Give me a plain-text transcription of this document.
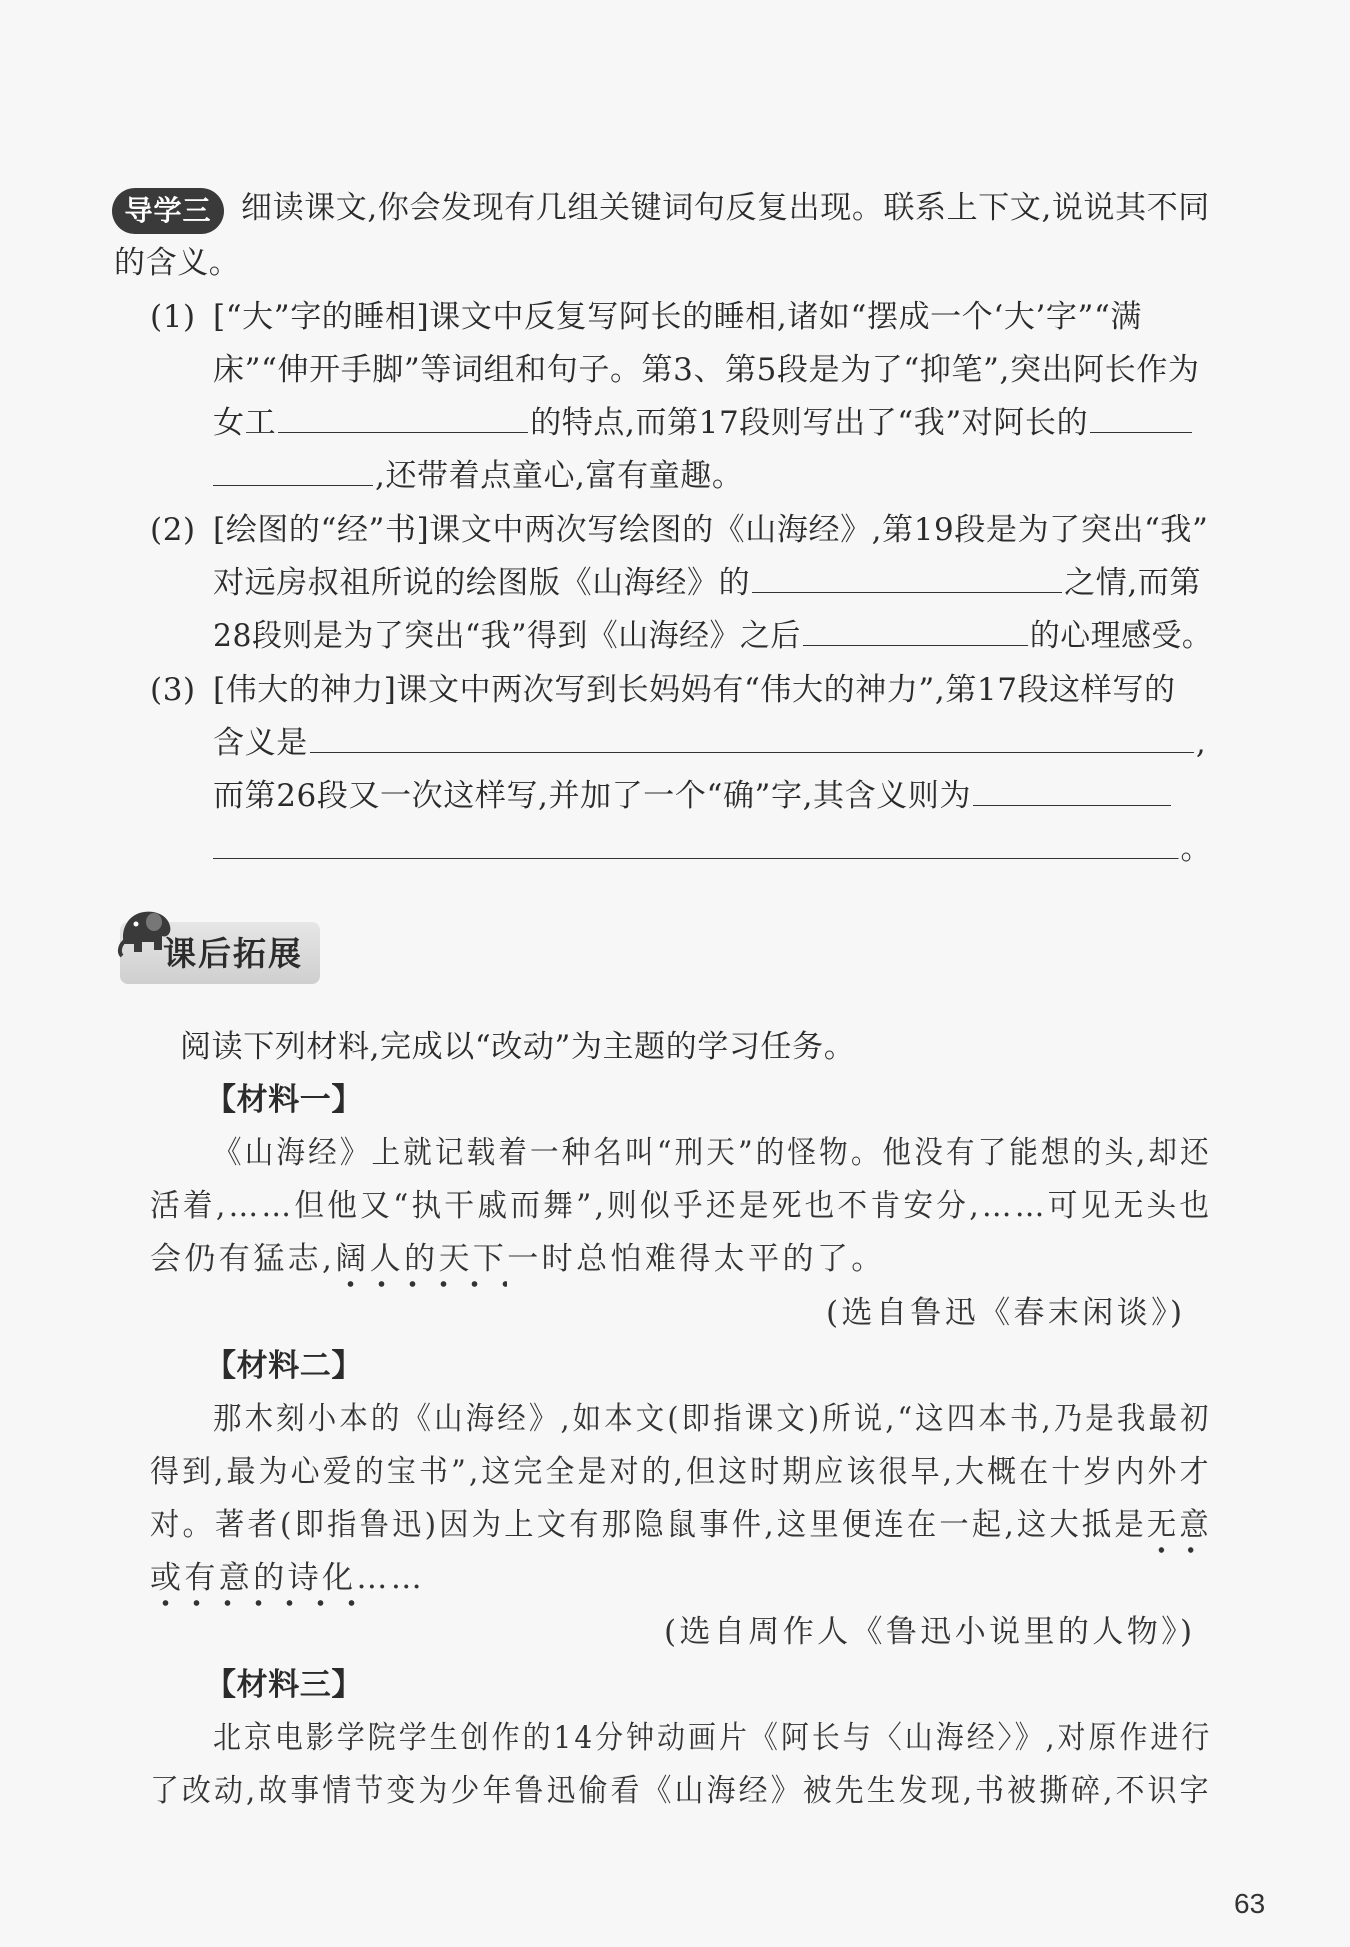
导学三 细读课文,你会发现有几组关键词句反复出现。联系上下文,说说其不同
的含义。
(1) [“大”字的睡相]课文中反复写阿长的睡相,诸如“摆成一个‘大’字”“满
床”“伸开手脚”等词组和句子。第3、第5段是为了“抑笔”,突出阿长作为
女工	的特点,而第17段则写出了“我”对阿长的
,还带着点童心,富有童趣。
(2) [绘图的“经”书]课文中两次写绘图的《山海经》,第19段是为了突出“我”
对远房叔祖所说的绘图版《山海经》的	之情,而第
28段则是为了突出“我”得到《山海经》之后	的心理感受。
(3) [伟大的神力]课文中两次写到长妈妈有“伟大的神力”,第17段这样写的
含义是	,
而第26段又一次这样写,并加了一个“确”字,其含义则为
。
课后拓展
阅读下列材料,完成以“改动”为主题的学习任务。
【材料一】
《山海经》上就记载着一种名叫“刑天”的怪物。他没有了能想的头,却还
活着,……但他又“执干戚而舞”,则似乎还是死也不肯安分,……可见无头也
会仍有猛志,阔人的天下一时总怕难得太平的了。
(选自鲁迅《春末闲谈》)
【材料二】
那木刻小本的《山海经》,如本文(即指课文)所说,“这四本书,乃是我最初
得到,最为心爱的宝书”,这完全是对的,但这时期应该很早,大概在十岁内外才
对。著者(即指鲁迅)因为上文有那隐鼠事件,这里便连在一起,这大抵是无意
或有意的诗化……
(选自周作人《鲁迅小说里的人物》)
【材料三】
北京电影学院学生创作的14分钟动画片《阿长与〈山海经〉》,对原作进行
了改动,故事情节变为少年鲁迅偷看《山海经》被先生发现,书被撕碎,不识字
63
